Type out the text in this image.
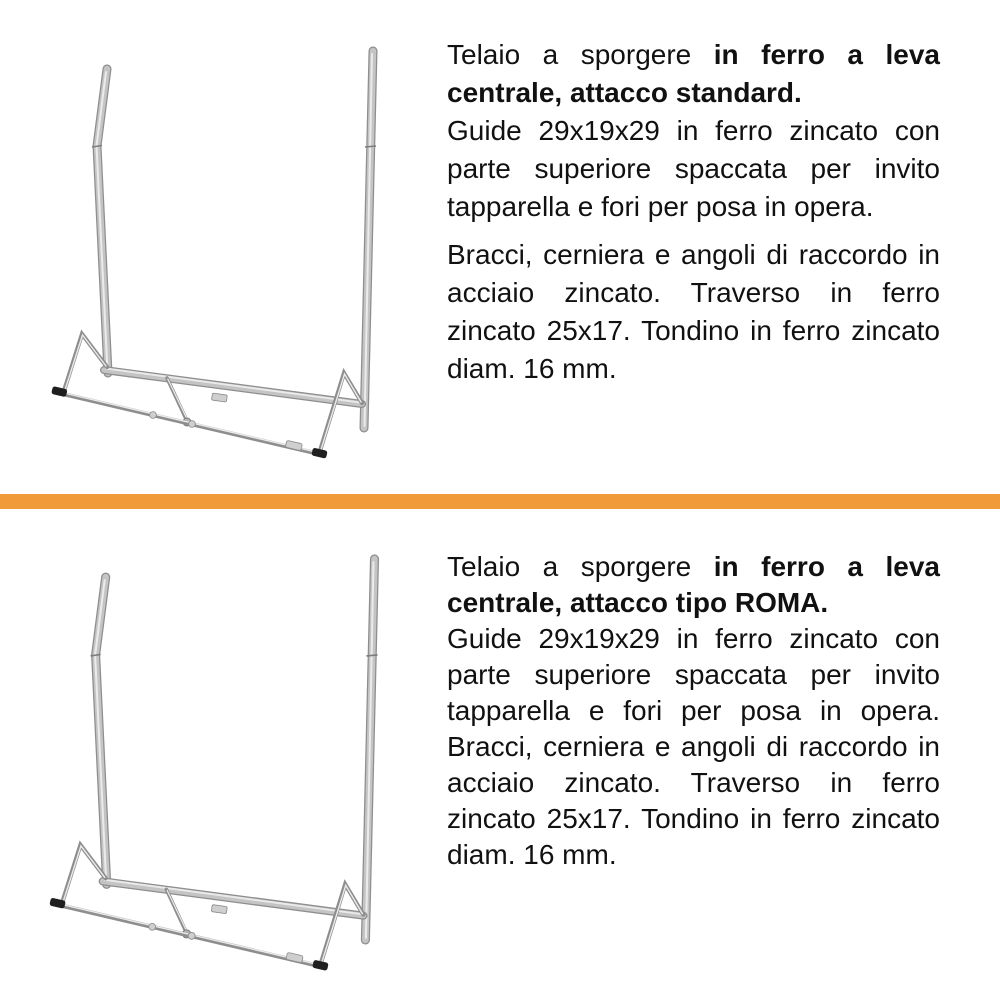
Telaio a sporgere in ferro a leva centrale, attacco standard.

Guide 29x19x29 in ferro zincato con parte superiore spaccata per invito tapparella e fori per posa in opera.

Bracci, cerniera e angoli di raccordo in acciaio zincato. Traverso in ferro zincato 25x17. Tondino in ferro zincato diam. 16 mm.

Telaio a sporgere in ferro a leva centrale, attacco tipo ROMA.

Guide 29x19x29 in ferro zincato con parte superiore spaccata per invito tapparella e fori per posa in opera. Bracci, cerniera e angoli di raccordo in acciaio zincato. Traverso in ferro zincato 25x17. Tondino in ferro zincato diam. 16 mm.
